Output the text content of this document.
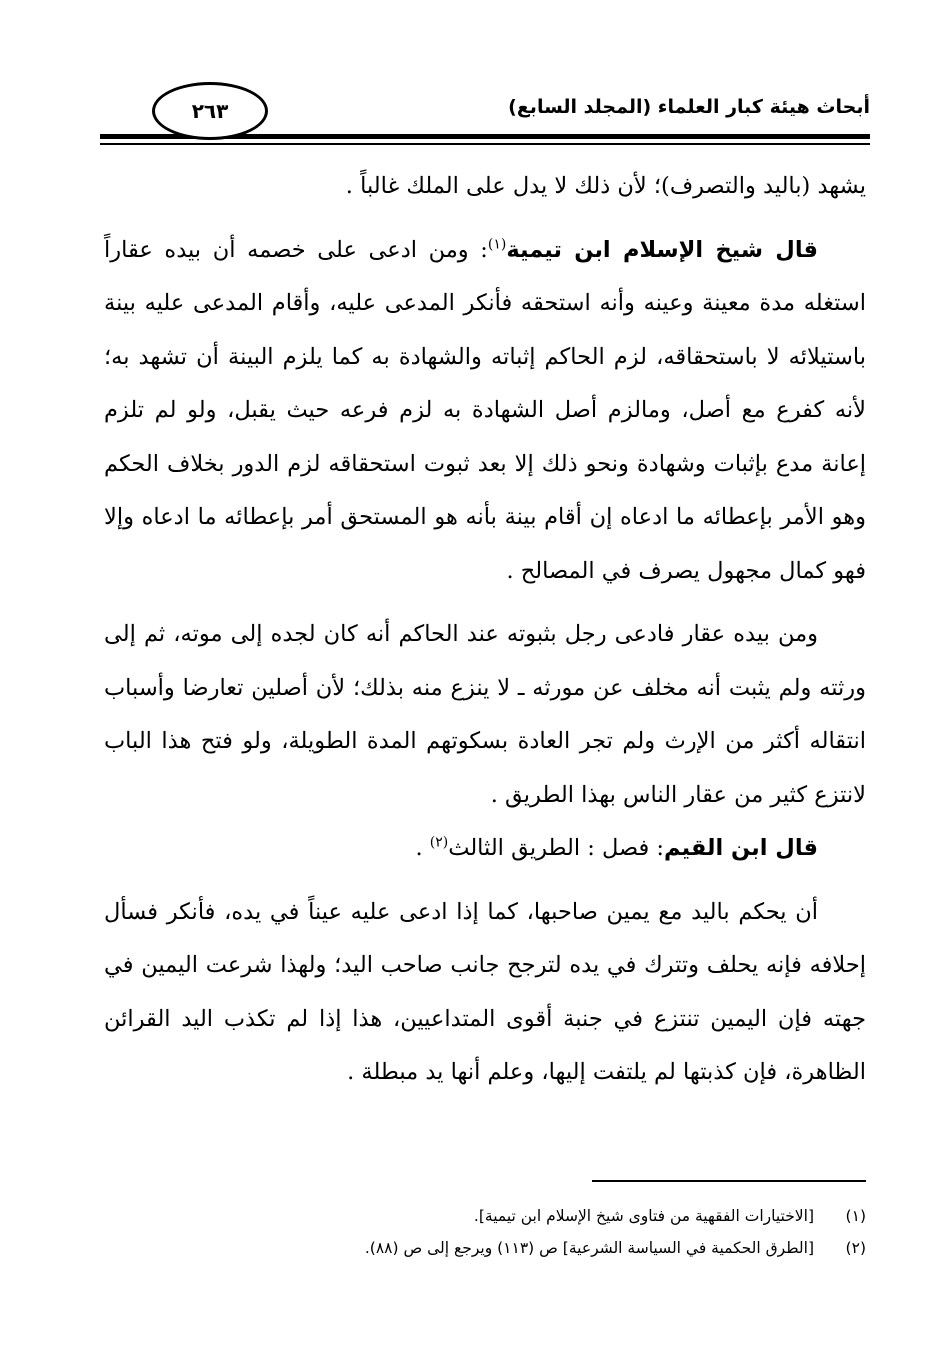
٢٦٣	أبحاث هيئة كبار العلماء (المجلد السابع)

يشهد (باليد والتصرف)؛ لأن ذلك لا يدل على الملك غالباً .

قال شيخ الإسلام ابن تيمية$^{(١)}$: ومن ادعى على خصمه أن بيده عقاراً استغله مدة معينة وعينه وأنه استحقه فأنكر المدعى عليه، وأقام المدعى عليه بينة باستيلائه لا باستحقاقه، لزم الحاكم إثباته والشهادة به كما يلزم البينة أن تشهد به؛ لأنه كفرع مع أصل، ومالزم أصل الشهادة به لزم فرعه حيث يقبل، ولو لم تلزم إعانة مدع بإثبات وشهادة ونحو ذلك إلا بعد ثبوت استحقاقه لزم الدور بخلاف الحكم وهو الأمر بإعطائه ما ادعاه إن أقام بينة بأنه هو المستحق أمر بإعطائه ما ادعاه وإلا فهو كمال مجهول يصرف في المصالح .

ومن بيده عقار فادعى رجل بثبوته عند الحاكم أنه كان لجده إلى موته، ثم إلى ورثته ولم يثبت أنه مخلف عن مورثه ـ لا ينزع منه بذلك؛ لأن أصلين تعارضا وأسباب انتقاله أكثر من الإرث ولم تجر العادة بسكوتهم المدة الطويلة، ولو فتح هذا الباب لانتزع كثير من عقار الناس بهذا الطريق .

قال ابن القيم: فصل : الطريق الثالث$^{(٢)}$ .

أن يحكم باليد مع يمين صاحبها، كما إذا ادعى عليه عيناً في يده، فأنكر فسأل إحلافه فإنه يحلف وتترك في يده لترجح جانب صاحب اليد؛ ولهذا شرعت اليمين في جهته فإن اليمين تنتزع في جنبة أقوى المتداعيين، هذا إذا لم تكذب اليد القرائن الظاهرة، فإن كذبتها لم يلتفت إليها، وعلم أنها يد مبطلة .

(١)
[الاختيارات الفقهية من فتاوى شيخ الإسلام ابن تيمية].
(٢)
[الطرق الحكمية في السياسة الشرعية] ص (١١٣) ويرجع إلى ص (٨٨).
